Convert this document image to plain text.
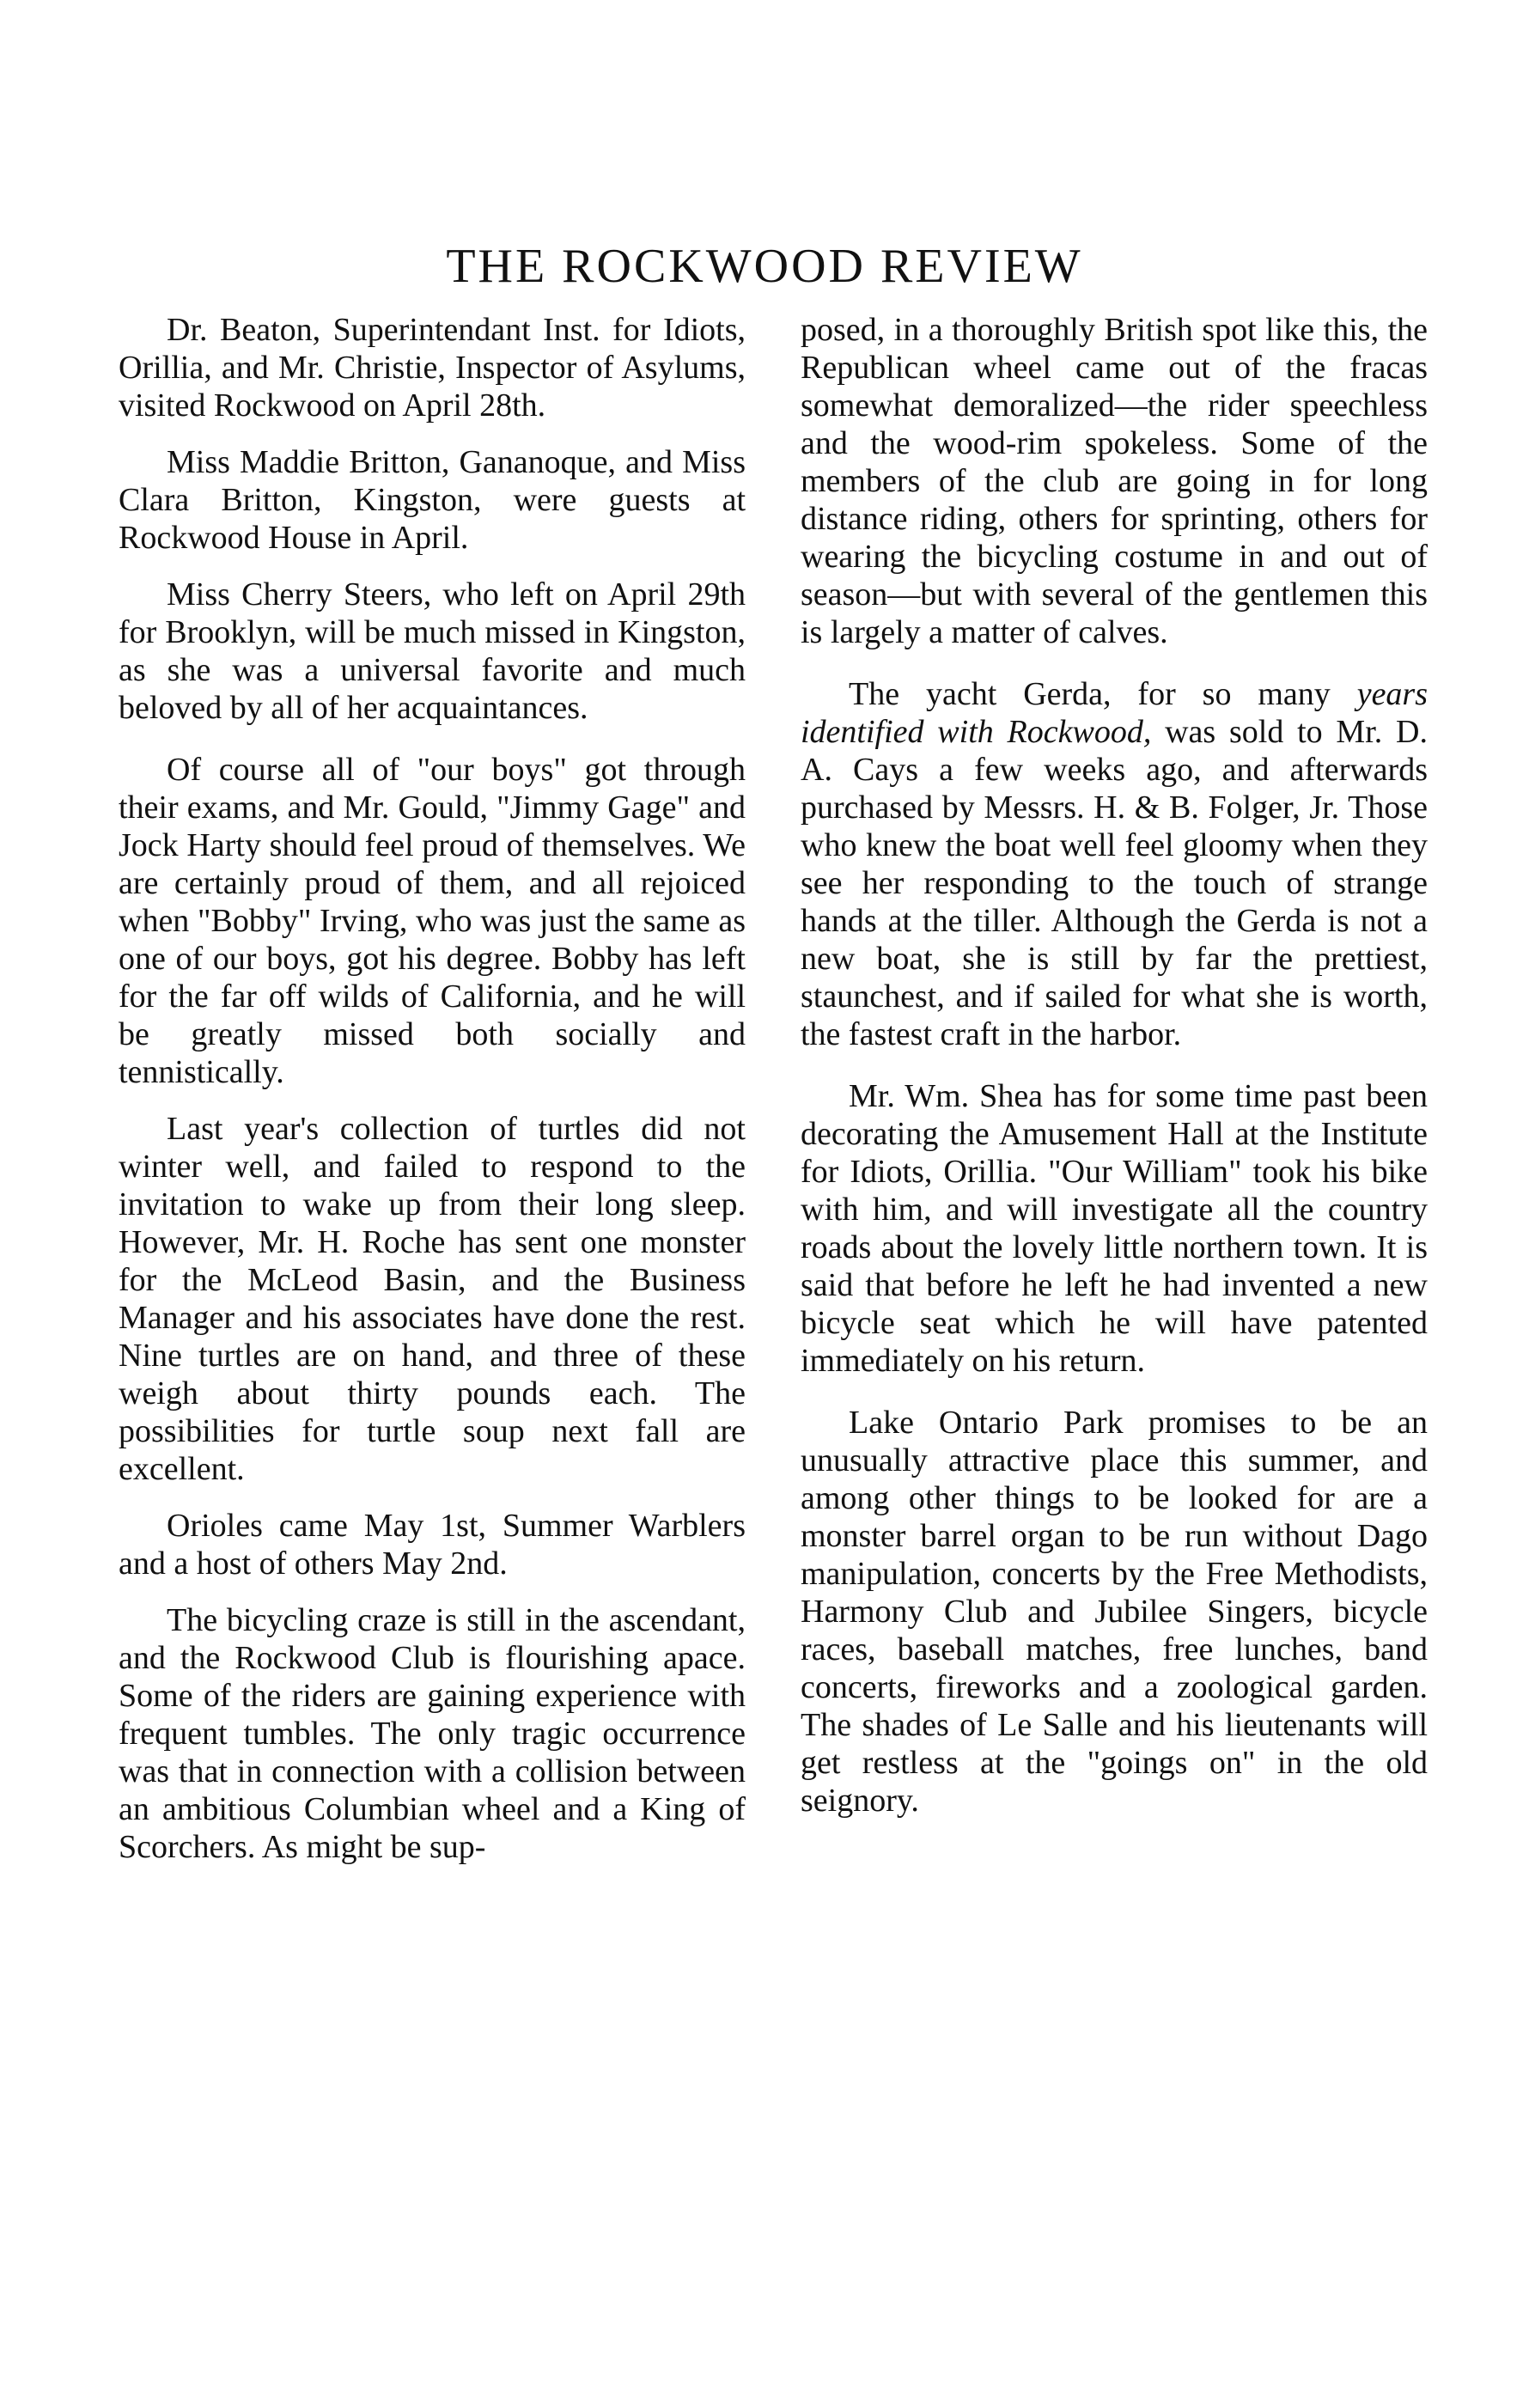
THE ROCKWOOD REVIEW

Dr. Beaton, Superintendant Inst. for Idiots, Orillia, and Mr. Christie, Inspector of Asylums, visited Rockwood on April 28th.

Miss Maddie Britton, Gananoque, and Miss Clara Britton, Kingston, were guests at Rockwood House in April.

Miss Cherry Steers, who left on April 29th for Brooklyn, will be much missed in Kingston, as she was a universal favorite and much beloved by all of her acquaintances.

Of course all of "our boys" got through their exams, and Mr. Gould, "Jimmy Gage" and Jock Harty should feel proud of themselves. We are certainly proud of them, and all rejoiced when "Bobby" Irving, who was just the same as one of our boys, got his degree. Bobby has left for the far off wilds of California, and he will be greatly missed both socially and tennistically.

Last year's collection of turtles did not winter well, and failed to respond to the invitation to wake up from their long sleep. However, Mr. H. Roche has sent one monster for the McLeod Basin, and the Business Manager and his associates have done the rest. Nine turtles are on hand, and three of these weigh about thirty pounds each. The possibilities for turtle soup next fall are excellent.

Orioles came May 1st, Summer Warblers and a host of others May 2nd.

The bicycling craze is still in the ascendant, and the Rockwood Club is flourishing apace. Some of the riders are gaining experience with frequent tumbles. The only tragic occurrence was that in connection with a collision between an ambitious Columbian wheel and a King of Scorchers. As might be sup-

posed, in a thoroughly British spot like this, the Republican wheel came out of the fracas somewhat demoralized—the rider speechless and the wood-rim spokeless. Some of the members of the club are going in for long distance riding, others for sprinting, others for wearing the bicycling costume in and out of season—but with several of the gentlemen this is largely a matter of calves.

The yacht Gerda, for so many years identified with Rockwood, was sold to Mr. D. A. Cays a few weeks ago, and afterwards purchased by Messrs. H. & B. Folger, Jr. Those who knew the boat well feel gloomy when they see her responding to the touch of strange hands at the tiller. Although the Gerda is not a new boat, she is still by far the prettiest, staunchest, and if sailed for what she is worth, the fastest craft in the harbor.

Mr. Wm. Shea has for some time past been decorating the Amusement Hall at the Institute for Idiots, Orillia. "Our William" took his bike with him, and will investigate all the country roads about the lovely little northern town. It is said that before he left he had invented a new bicycle seat which he will have patented immediately on his return.

Lake Ontario Park promises to be an unusually attractive place this summer, and among other things to be looked for are a monster barrel organ to be run without Dago manipulation, concerts by the Free Methodists, Harmony Club and Jubilee Singers, bicycle races, baseball matches, free lunches, band concerts, fireworks and a zoological garden. The shades of Le Salle and his lieutenants will get restless at the "goings on" in the old seignory.
